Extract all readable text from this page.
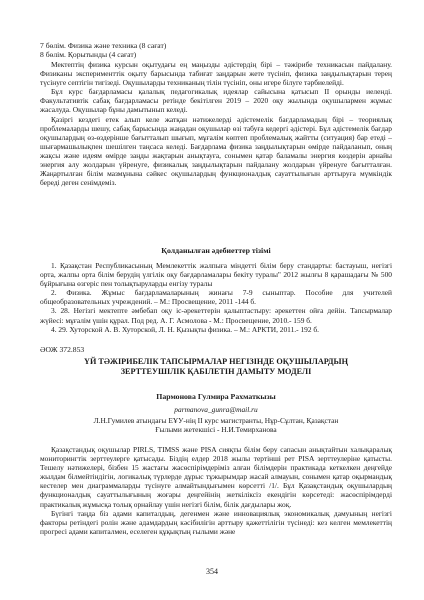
7 бөлім. Физика және техника (8 сағат)

8 бөлім. Қорытынды (4 сағат)

Мектептің физика курсын оқытудағы ең маңызды әдістердің бірі – тәжірибе техникасын пайдалану. Физиканы эксперименттік оқыту барысында табиғат заңдарын жете түсініп, физика заңдылықтарын терең түсінуге септігін тигізеді. Оқушыларды техниканың тілін түсініп, оны игере білуге тәрбиелейді.

Бұл курс бағдарламасы қалалық педагогикалық идеялар сайысына қатысып II орынды иеленді. Факультативтік сабақ бағдарламасы ретінде бекітілген 2019 – 2020 оқу жылында оқушылармен жұмыс жасалуда. Оқушылар бұны дамытынып келеді.

Қазіргі кездегі етек алып келе жатқан нәтижелерді әдістемелік бағдарламадың бірі – теориялық проблемаларды шешу, сабақ барысында жаңадан оқушылар өзі табуға кедергі әдістері. Бұл әдістемелік бағдар оқушылардың өз-өздерінше бағытталып шығып, мұғалім көптеп проблемалық жайтты (ситуация) бар етеді – шығармашылықпен шешілген таңсаса келеді. Бағдарлама физика заңдылықтарын өмірде пайдаланып, оның жақсы және идеям өмірде заңды жақтарын анықтауға, сонымен қатар баламалы энергия көздерін арнайы энергия алу жолдарын үйренуге, физикалық заңдылықтарын пайдалану жолдарын үйренуге бағытталған. Жаңартылған білім мазмұнына сәйкес оқушылардың функционалдық сауаттылығын арттыруға мүмкіндік береді деген сенімдеміз.

Қолданылған әдебиеттер тізімі

1. Қазақстан Республикасының Мемлекеттік жалпыға міндетті білім беру стандарты: бастауыш, негізгі орта, жалпы орта білім берудің үлгілік оқу бағдарламалары бекіту туралы" 2012 жылғы 8 қарашадағы № 500 бұйрығына өзгеріс пен толықтыруларды енгізу туралы

2. Физика. Жұмыс бағдарламаларының жинағы 7-9 сыныптар. Пособие для учителей общеобразовательных учреждений. – М.: Просвещение, 2011 -144 б.

3. 28. Негізгі мектепте әмбебап оқу іс-әрекеттерін қалыптастыру: әрекеттен ойға дейін. Тапсырмалар жүйесі: мұғалім үшін құрал. Под ред. А. Г. Асмолова - М.: Просвещение, 2010.- 159 б.

4. 29. Хуторской А. В. Хуторской, Л. Н. Қызықты физика. – М.: АРКТИ, 2011.- 192 б.

ӘОЖ 372.853

ҮЙ ТӘЖІРИБЕЛІК ТАПСЫРМАЛАР НЕГІЗІНДЕ ОҚУШЫЛАРДЫҢ
ЗЕРТТЕУШІЛІК ҚАБІЛЕТІН ДАМЫТУ МОДЕЛІ

Пармонова Гулмира Рахматкызы

parmanova_gunra@mail.ru

Л.Н.Гумилев атындағы ЕҰУ-нің II курс магистранты, Нұр-Сұлтан, Қазақстан
Ғылыми жетекшісі - Н.И.Темирханова

Қазақстандық оқушылар PIRLS, TIMSS және PISA сияқты білім беру сапасын анықтайтын халықаралық мониторингтік зерттеулерге қатысады. Біздің елдер 2018 жылы тертінші рет PISA зерттеулеріне қатысты. Тешелу нәтижелері, бізбен 15 жастағы жасөспірімдеріміз алған білімдерін практикада кеткелкен деңгейде жылдам білмейтіндігін, логикалық түрлерде дұрыс тұжырымдар жасай алмауын, сонымен қатар оқырмандық кестелер мен диаграммаларды түсінуге алмайтындығымен көрсетті /1/. Бұл Қазақстандық оқушылардың функционалдық сауаттылығының жоғары деңгейінің жеткіліксіз екендігін көрсетеді: жасөспірімдерді практикалық жұмысқа толық орнайлау үшін негізгі білім, білік дағдылары жоқ.

Бүгінгі таңда біз адами капиталдың, дегенмен және инновациялық экономикалық дамуының негізгі факторы ретіндегі ролін және адамдардың кәсібилігін арттыру қажеттілігін түсінеді: кез келген мемлекеттің прогресі адами капиталмен, еселеген құқықтың ғылыми және

354
